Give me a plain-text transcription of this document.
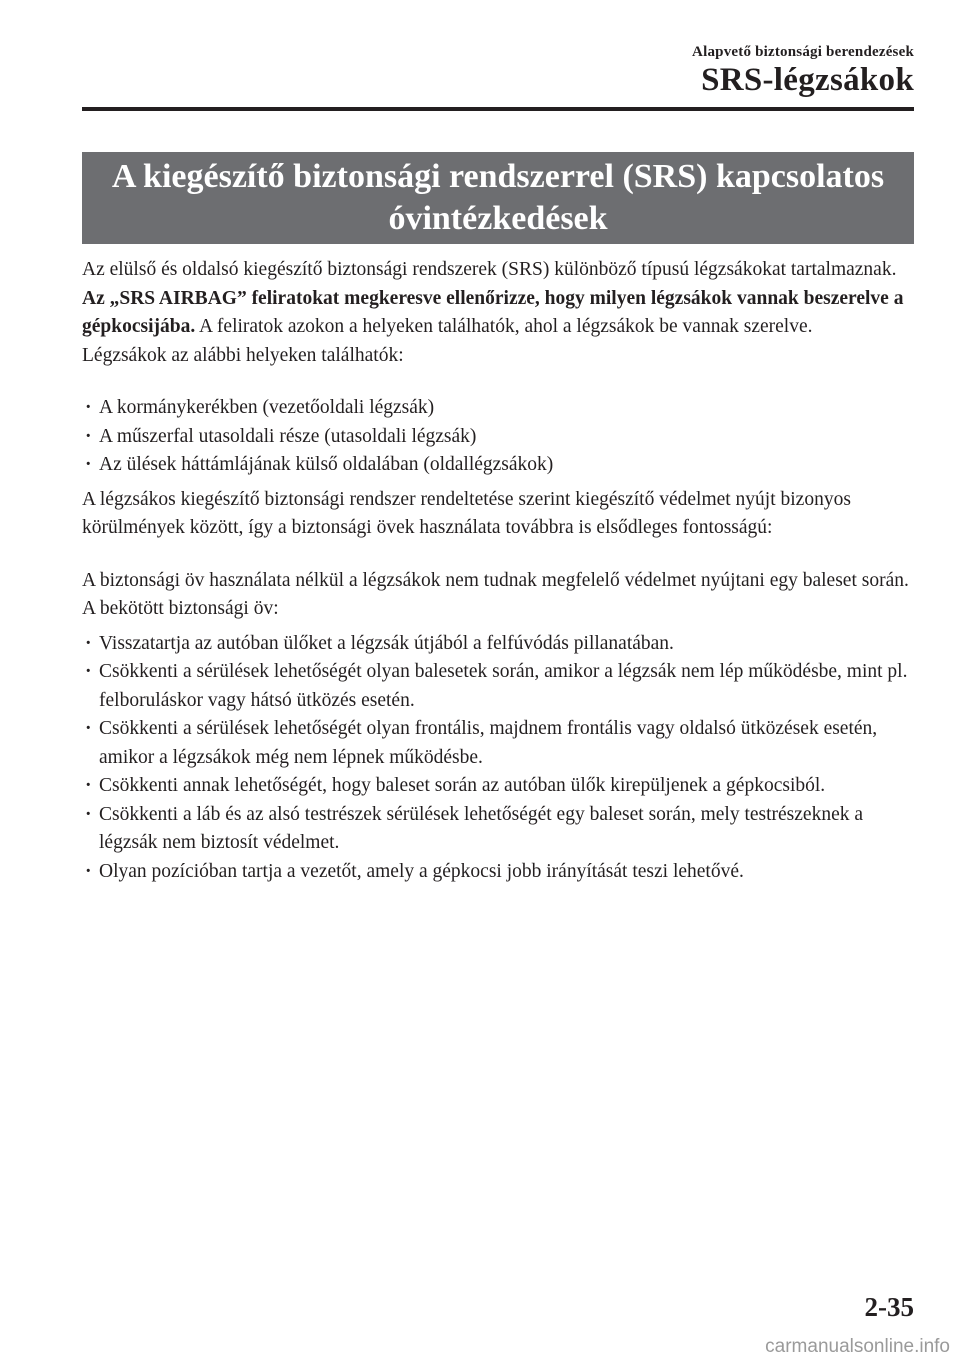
Alapvető biztonsági berendezések
SRS-légzsákok
A kiegészítő biztonsági rendszerrel (SRS) kapcsolatos
óvintézkedések

Az elülső és oldalsó kiegészítő biztonsági rendszerek (SRS) különböző típusú légzsákokat tartalmaznak. Az „SRS AIRBAG” feliratokat megkeresve ellenőrizze, hogy milyen légzsákok vannak beszerelve a gépkocsijába. A feliratok azokon a helyeken találhatók, ahol a légzsákok be vannak szerelve.

Légzsákok az alábbi helyeken találhatók:

· A kormánykerékben (vezetőoldali légzsák)
· A műszerfal utasoldali része (utasoldali légzsák)
· Az ülések háttámlájának külső oldalában (oldallégzsákok)

A légzsákos kiegészítő biztonsági rendszer rendeltetése szerint kiegészítő védelmet nyújt bizonyos körülmények között, így a biztonsági övek használata továbbra is elsődleges fontosságú:

A biztonsági öv használata nélkül a légzsákok nem tudnak megfelelő védelmet nyújtani egy baleset során. A bekötött biztonsági öv:

· Visszatartja az autóban ülőket a légzsák útjából a felfúvódás pillanatában.
· Csökkenti a sérülések lehetőségét olyan balesetek során, amikor a légzsák nem lép működésbe, mint pl. felboruláskor vagy hátsó ütközés esetén.
· Csökkenti a sérülések lehetőségét olyan frontális, majdnem frontális vagy oldalsó ütközések esetén, amikor a légzsákok még nem lépnek működésbe.
· Csökkenti annak lehetőségét, hogy baleset során az autóban ülők kirepüljenek a gépkocsiból.
· Csökkenti a láb és az alsó testrészek sérülések lehetőségét egy baleset során, mely testrészeknek a légzsák nem biztosít védelmet.
· Olyan pozícióban tartja a vezetőt, amely a gépkocsi jobb irányítását teszi lehetővé.
2-35
carmanualsonline.info
